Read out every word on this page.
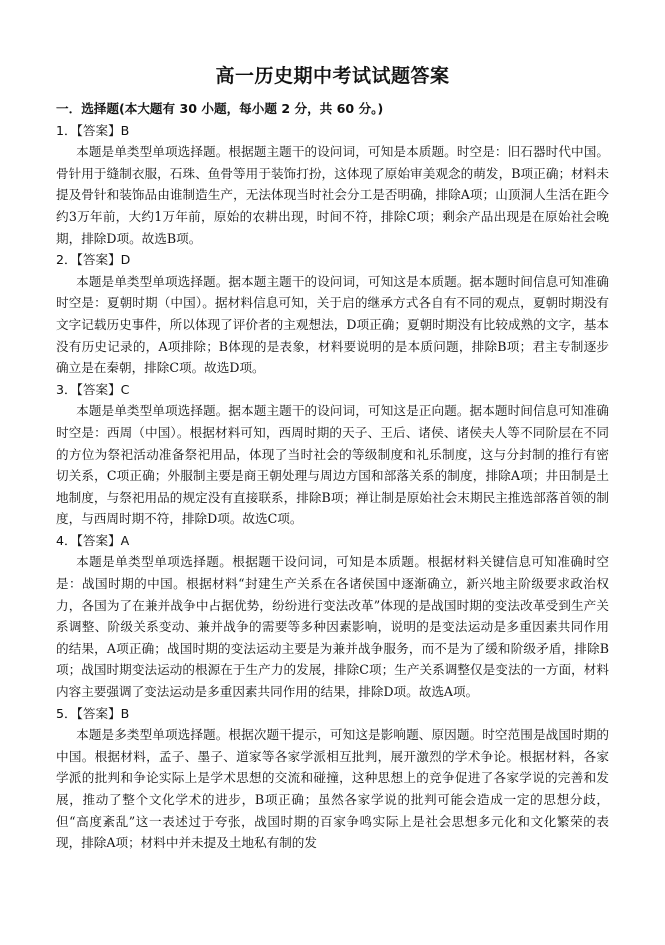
高一历史期中考试试题答案
一．选择题(本大题有 30 小题，每小题 2 分，共 60 分。)
1．【答案】B
本题是单类型单项选择题。根据题主题干的设问词，可知是本质题。时空是：旧石器时代中国。骨针用于缝制衣服，石珠、鱼骨等用于装饰打扮，这体现了原始审美观念的萌发，B项正确；材料未提及骨针和装饰品由谁制造生产，无法体现当时社会分工是否明确，排除A项；山顶洞人生活在距今约3万年前，大约1万年前，原始的农耕出现，时间不符，排除C项；剩余产品出现是在原始社会晚期，排除D项。故选B项。
2．【答案】D
本题是单类型单项选择题。据本题主题干的设问词，可知这是本质题。据本题时间信息可知准确时空是：夏朝时期（中国）。据材料信息可知，关于启的继承方式各自有不同的观点，夏朝时期没有文字记载历史事件，所以体现了评价者的主观想法，D项正确；夏朝时期没有比较成熟的文字，基本没有历史记录的，A项排除；B体现的是表象，材料要说明的是本质问题，排除B项；君主专制逐步确立是在秦朝，排除C项。故选D项。
3．【答案】C
本题是单类型单项选择题。据本题主题干的设问词，可知这是正向题。据本题时间信息可知准确时空是：西周（中国）。根据材料可知，西周时期的天子、王后、诸侯、诸侯夫人等不同阶层在不同的方位为祭祀活动准备祭祀用品，体现了当时社会的等级制度和礼乐制度，这与分封制的推行有密切关系，C项正确；外服制主要是商王朝处理与周边方国和部落关系的制度，排除A项；井田制是土地制度，与祭祀用品的规定没有直接联系，排除B项；禅让制是原始社会末期民主推选部落首领的制度，与西周时期不符，排除D项。故选C项。
4．【答案】A
本题是单类型单项选择题。根据题干设问词，可知是本质题。根据材料关键信息可知准确时空是：战国时期的中国。根据材料“封建生产关系在各诸侯国中逐渐确立，新兴地主阶级要求政治权力，各国为了在兼并战争中占据优势，纷纷进行变法改革”体现的是战国时期的变法改革受到生产关系调整、阶级关系变动、兼并战争的需要等多种因素影响，说明的是变法运动是多重因素共同作用的结果，A项正确；战国时期的变法运动主要是为兼并战争服务，而不是为了缓和阶级矛盾，排除B项；战国时期变法运动的根源在于生产力的发展，排除C项；生产关系调整仅是变法的一方面，材料内容主要强调了变法运动是多重因素共同作用的结果，排除D项。故选A项。
5．【答案】B
本题是多类型单项选择题。根据次题干提示，可知这是影响题、原因题。时空范围是战国时期的中国。根据材料，孟子、墨子、道家等各家学派相互批判，展开激烈的学术争论。根据材料，各家学派的批判和争论实际上是学术思想的交流和碰撞，这种思想上的竞争促进了各家学说的完善和发展，推动了整个文化学术的进步，B项正确；虽然各家学说的批判可能会造成一定的思想分歧，但“高度紊乱”这一表述过于夸张，战国时期的百家争鸣实际上是社会思想多元化和文化繁荣的表现，排除A项；材料中并未提及土地私有制的发
